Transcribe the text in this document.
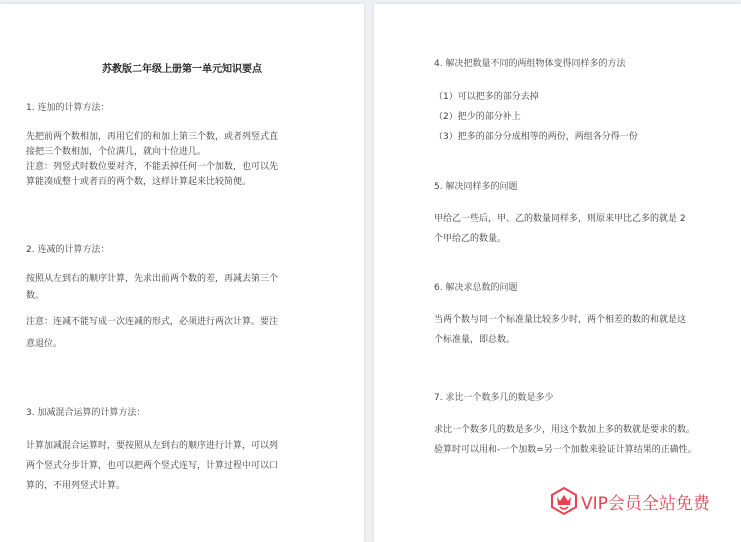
苏教版二年级上册第一单元知识要点
1. 连加的计算方法：
先把前两个数相加，再用它们的和加上第三个数，或者列竖式直
接把三个数相加，个位满几，就向十位进几。
注意：列竖式时数位要对齐，不能丢掉任何一个加数，也可以先
算能凑成整十或者百的两个数，这样计算起来比较简便。
2. 连减的计算方法：
按照从左到右的顺序计算，先求出前两个数的差，再减去第三个
数。
注意：连减不能写成一次连减的形式，必须进行两次计算。要注
意退位。
3. 加减混合运算的计算方法：
计算加减混合运算时，要按照从左到右的顺序进行计算，可以列
两个竖式分步计算，也可以把两个竖式连写，计算过程中可以口
算的，不用列竖式计算。
4. 解决把数量不同的两组物体变得同样多的方法
（1）可以把多的部分去掉
（2）把少的部分补上
（3）把多的部分分成相等的两份，两组各分得一份
5. 解决同样多的问题
甲给乙一些后，甲、乙的数量同样多，则原来甲比乙多的就是 2
个甲给乙的数量。
6. 解决求总数的问题
当两个数与同一个标准量比较多少时，两个相差的数的和就是这
个标准量，即总数。
7. 求比一个数多几的数是多少
求比一个数多几的数是多少，用这个数加上多的数就是要求的数。
验算时可以用和-一个加数=另一个加数来验证计算结果的正确性。
VIP会员全站免费
